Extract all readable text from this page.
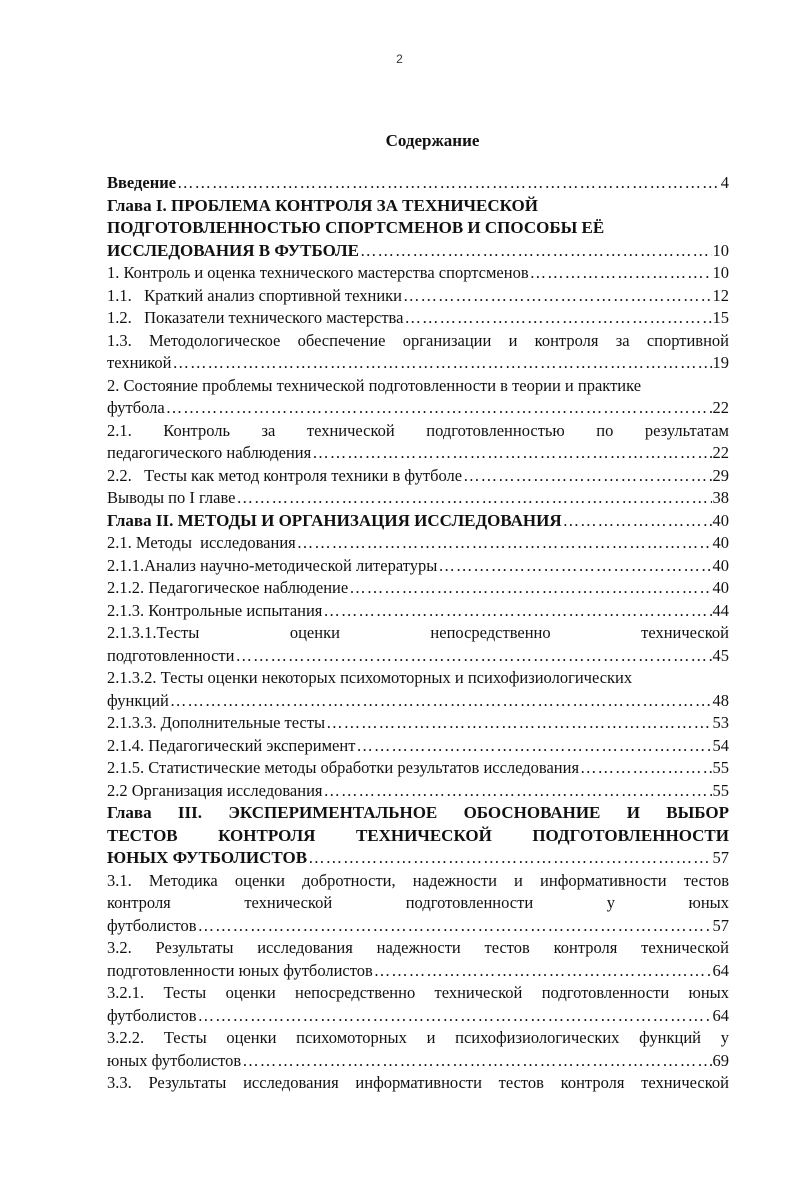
2
Содержание
Введение …………………………………………………………………………………………………………………………………………………………………………………………………	4
Глава I. ПРОБЛЕМА КОНТРОЛЯ ЗА ТЕХНИЧЕСКОЙ
ПОДГОТОВЛЕННОСТЬЮ СПОРТСМЕНОВ И СПОСОБЫ ЕЁ
ИССЛЕДОВАНИЯ В ФУТБОЛЕ …………………………………………………………………………………………………………………………………………………………………………………………………	10
1. Контроль и оценка технического мастерства спортсменов …………………………………………………………………………………………………………………………………………………………………………………………………	10
1.1.   Краткий анализ спортивной техники …………………………………………………………………………………………………………………………………………………………………………………………………	12
1.2.   Показатели технического мастерства …………………………………………………………………………………………………………………………………………………………………………………………………	15
1.3. Методологическое обеспечение организации и контроля за спортивной
техникой …………………………………………………………………………………………………………………………………………………………………………………………………	19
2. Состояние проблемы технической подготовленности в теории и практике
футбола …………………………………………………………………………………………………………………………………………………………………………………………………	22
2.1. Контроль за технической подготовленностью по результатам
педагогического наблюдения …………………………………………………………………………………………………………………………………………………………………………………………………	22
2.2.   Тесты как метод контроля техники в футболе …………………………………………………………………………………………………………………………………………………………………………………………………	29
Выводы по I главе …………………………………………………………………………………………………………………………………………………………………………………………………	38
Глава II. МЕТОДЫ И ОРГАНИЗАЦИЯ ИССЛЕДОВАНИЯ …………………………………………………………………………………………………………………………………………………………………………………………………	40
2.1. Методы  исследования …………………………………………………………………………………………………………………………………………………………………………………………………	40
2.1.1.Анализ научно-методической литературы …………………………………………………………………………………………………………………………………………………………………………………………………	40
2.1.2. Педагогическое наблюдение …………………………………………………………………………………………………………………………………………………………………………………………………	40
2.1.3. Контрольные испытания …………………………………………………………………………………………………………………………………………………………………………………………………	44
2.1.3.1.Тесты оценки непосредственно технической
подготовленности …………………………………………………………………………………………………………………………………………………………………………………………………	45
2.1.3.2. Тесты оценки некоторых психомоторных и психофизиологических
функций …………………………………………………………………………………………………………………………………………………………………………………………………	48
2.1.3.3. Дополнительные тесты …………………………………………………………………………………………………………………………………………………………………………………………………	53
2.1.4. Педагогический эксперимент …………………………………………………………………………………………………………………………………………………………………………………………………	54
2.1.5. Статистические методы обработки результатов исследования …………………………………………………………………………………………………………………………………………………………………………………………………	55
2.2 Организация исследования …………………………………………………………………………………………………………………………………………………………………………………………………	55
Глава III. ЭКСПЕРИМЕНТАЛЬНОЕ ОБОСНОВАНИЕ И ВЫБОР
ТЕСТОВ КОНТРОЛЯ ТЕХНИЧЕСКОЙ ПОДГОТОВЛЕННОСТИ
ЮНЫХ ФУТБОЛИСТОВ …………………………………………………………………………………………………………………………………………………………………………………………………	57
3.1. Методика оценки добротности, надежности и информативности тестов
контроля технической подготовленности у юных
футболистов …………………………………………………………………………………………………………………………………………………………………………………………………	57
3.2. Результаты исследования надежности тестов контроля технической
подготовленности юных футболистов …………………………………………………………………………………………………………………………………………………………………………………………………	64
3.2.1. Тесты оценки непосредственно технической подготовленности юных
футболистов …………………………………………………………………………………………………………………………………………………………………………………………………	64
3.2.2. Тесты оценки психомоторных и психофизиологических функций у
юных футболистов …………………………………………………………………………………………………………………………………………………………………………………………………	69
3.3. Результаты исследования информативности тестов контроля технической
